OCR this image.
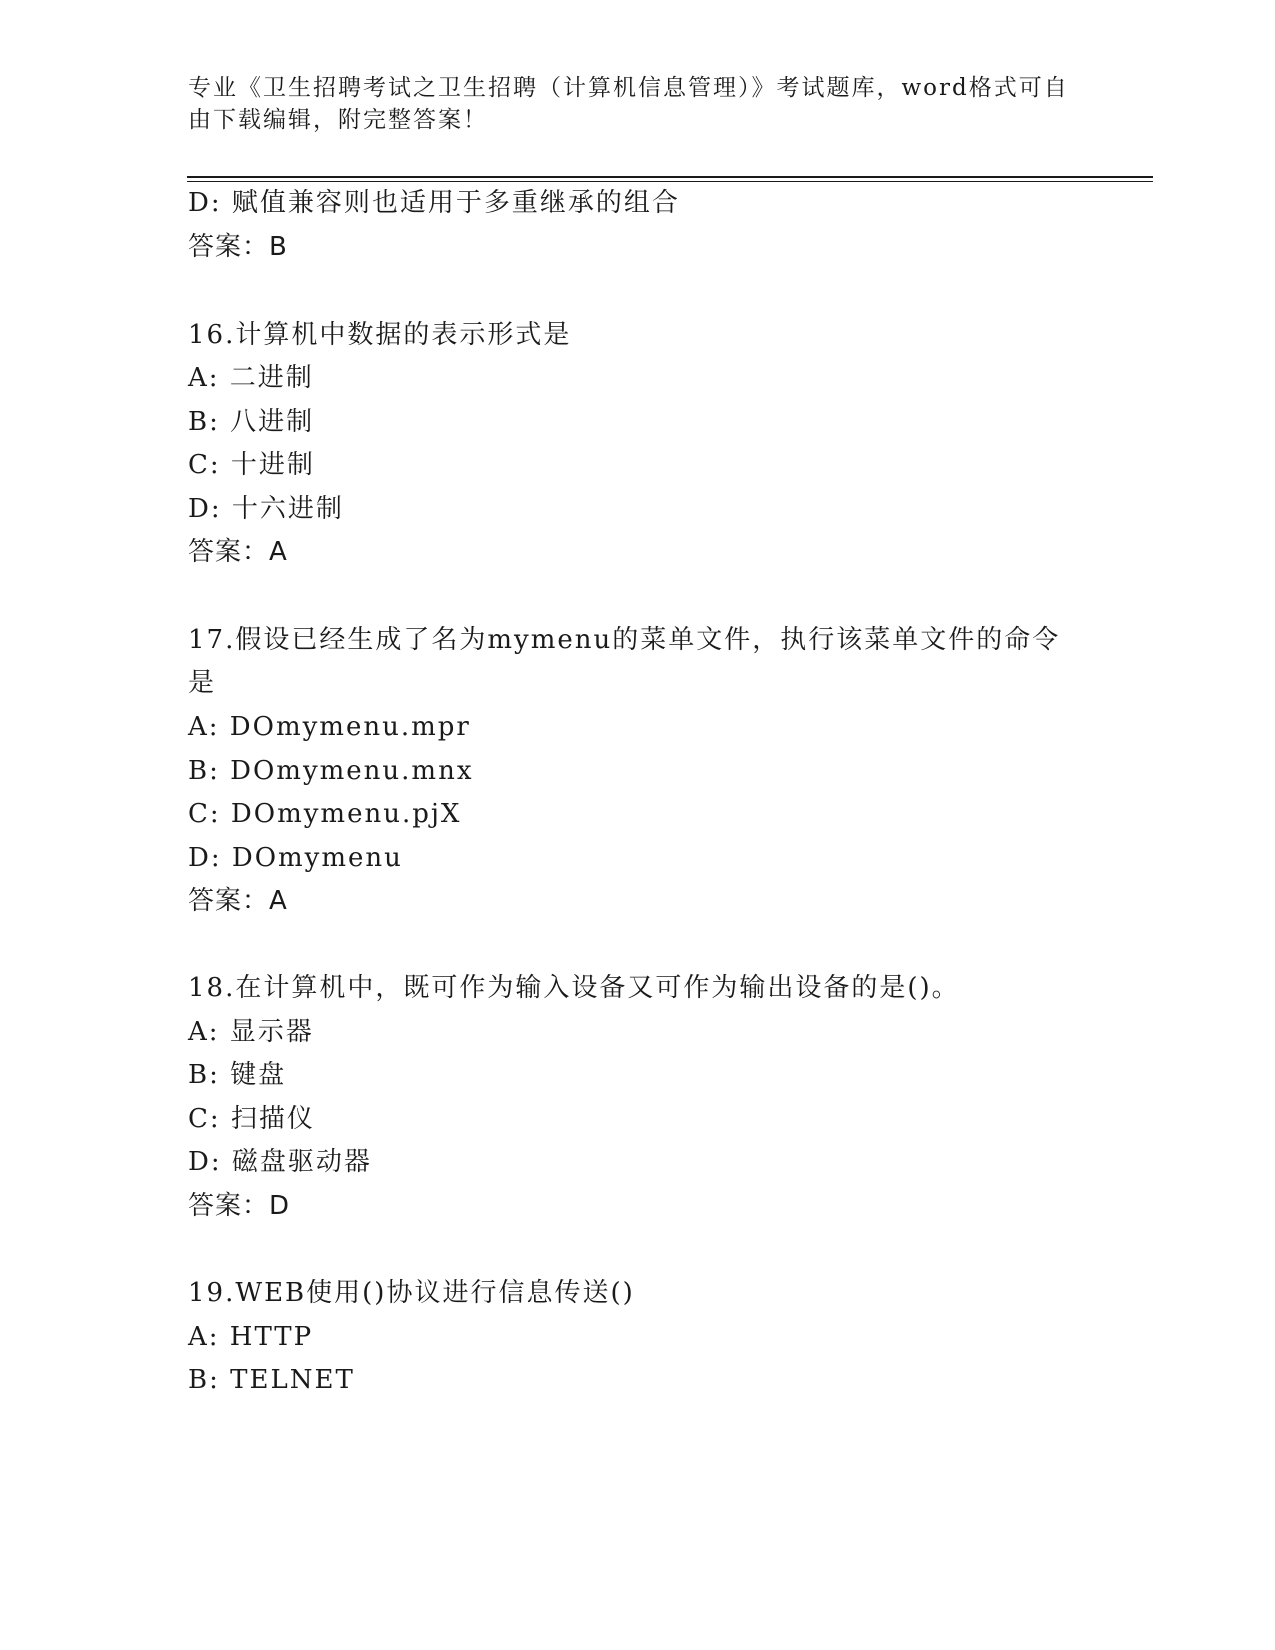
专业《卫生招聘考试之卫生招聘（计算机信息管理）》考试题库，word格式可自
由下载编辑，附完整答案！
D: 赋值兼容则也适用于多重继承的组合
答案：B
16.计算机中数据的表示形式是
A: 二进制
B: 八进制
C: 十进制
D: 十六进制
答案：A
17.假设已经生成了名为mymenu的菜单文件，执行该菜单文件的命令
是
A: DOmymenu.mpr
B: DOmymenu.mnx
C: DOmymenu.pjX
D: DOmymenu
答案：A
18.在计算机中，既可作为输入设备又可作为输出设备的是()。
A: 显示器
B: 键盘
C: 扫描仪
D: 磁盘驱动器
答案：D
19.WEB使用()协议进行信息传送()
A: HTTP
B: TELNET
